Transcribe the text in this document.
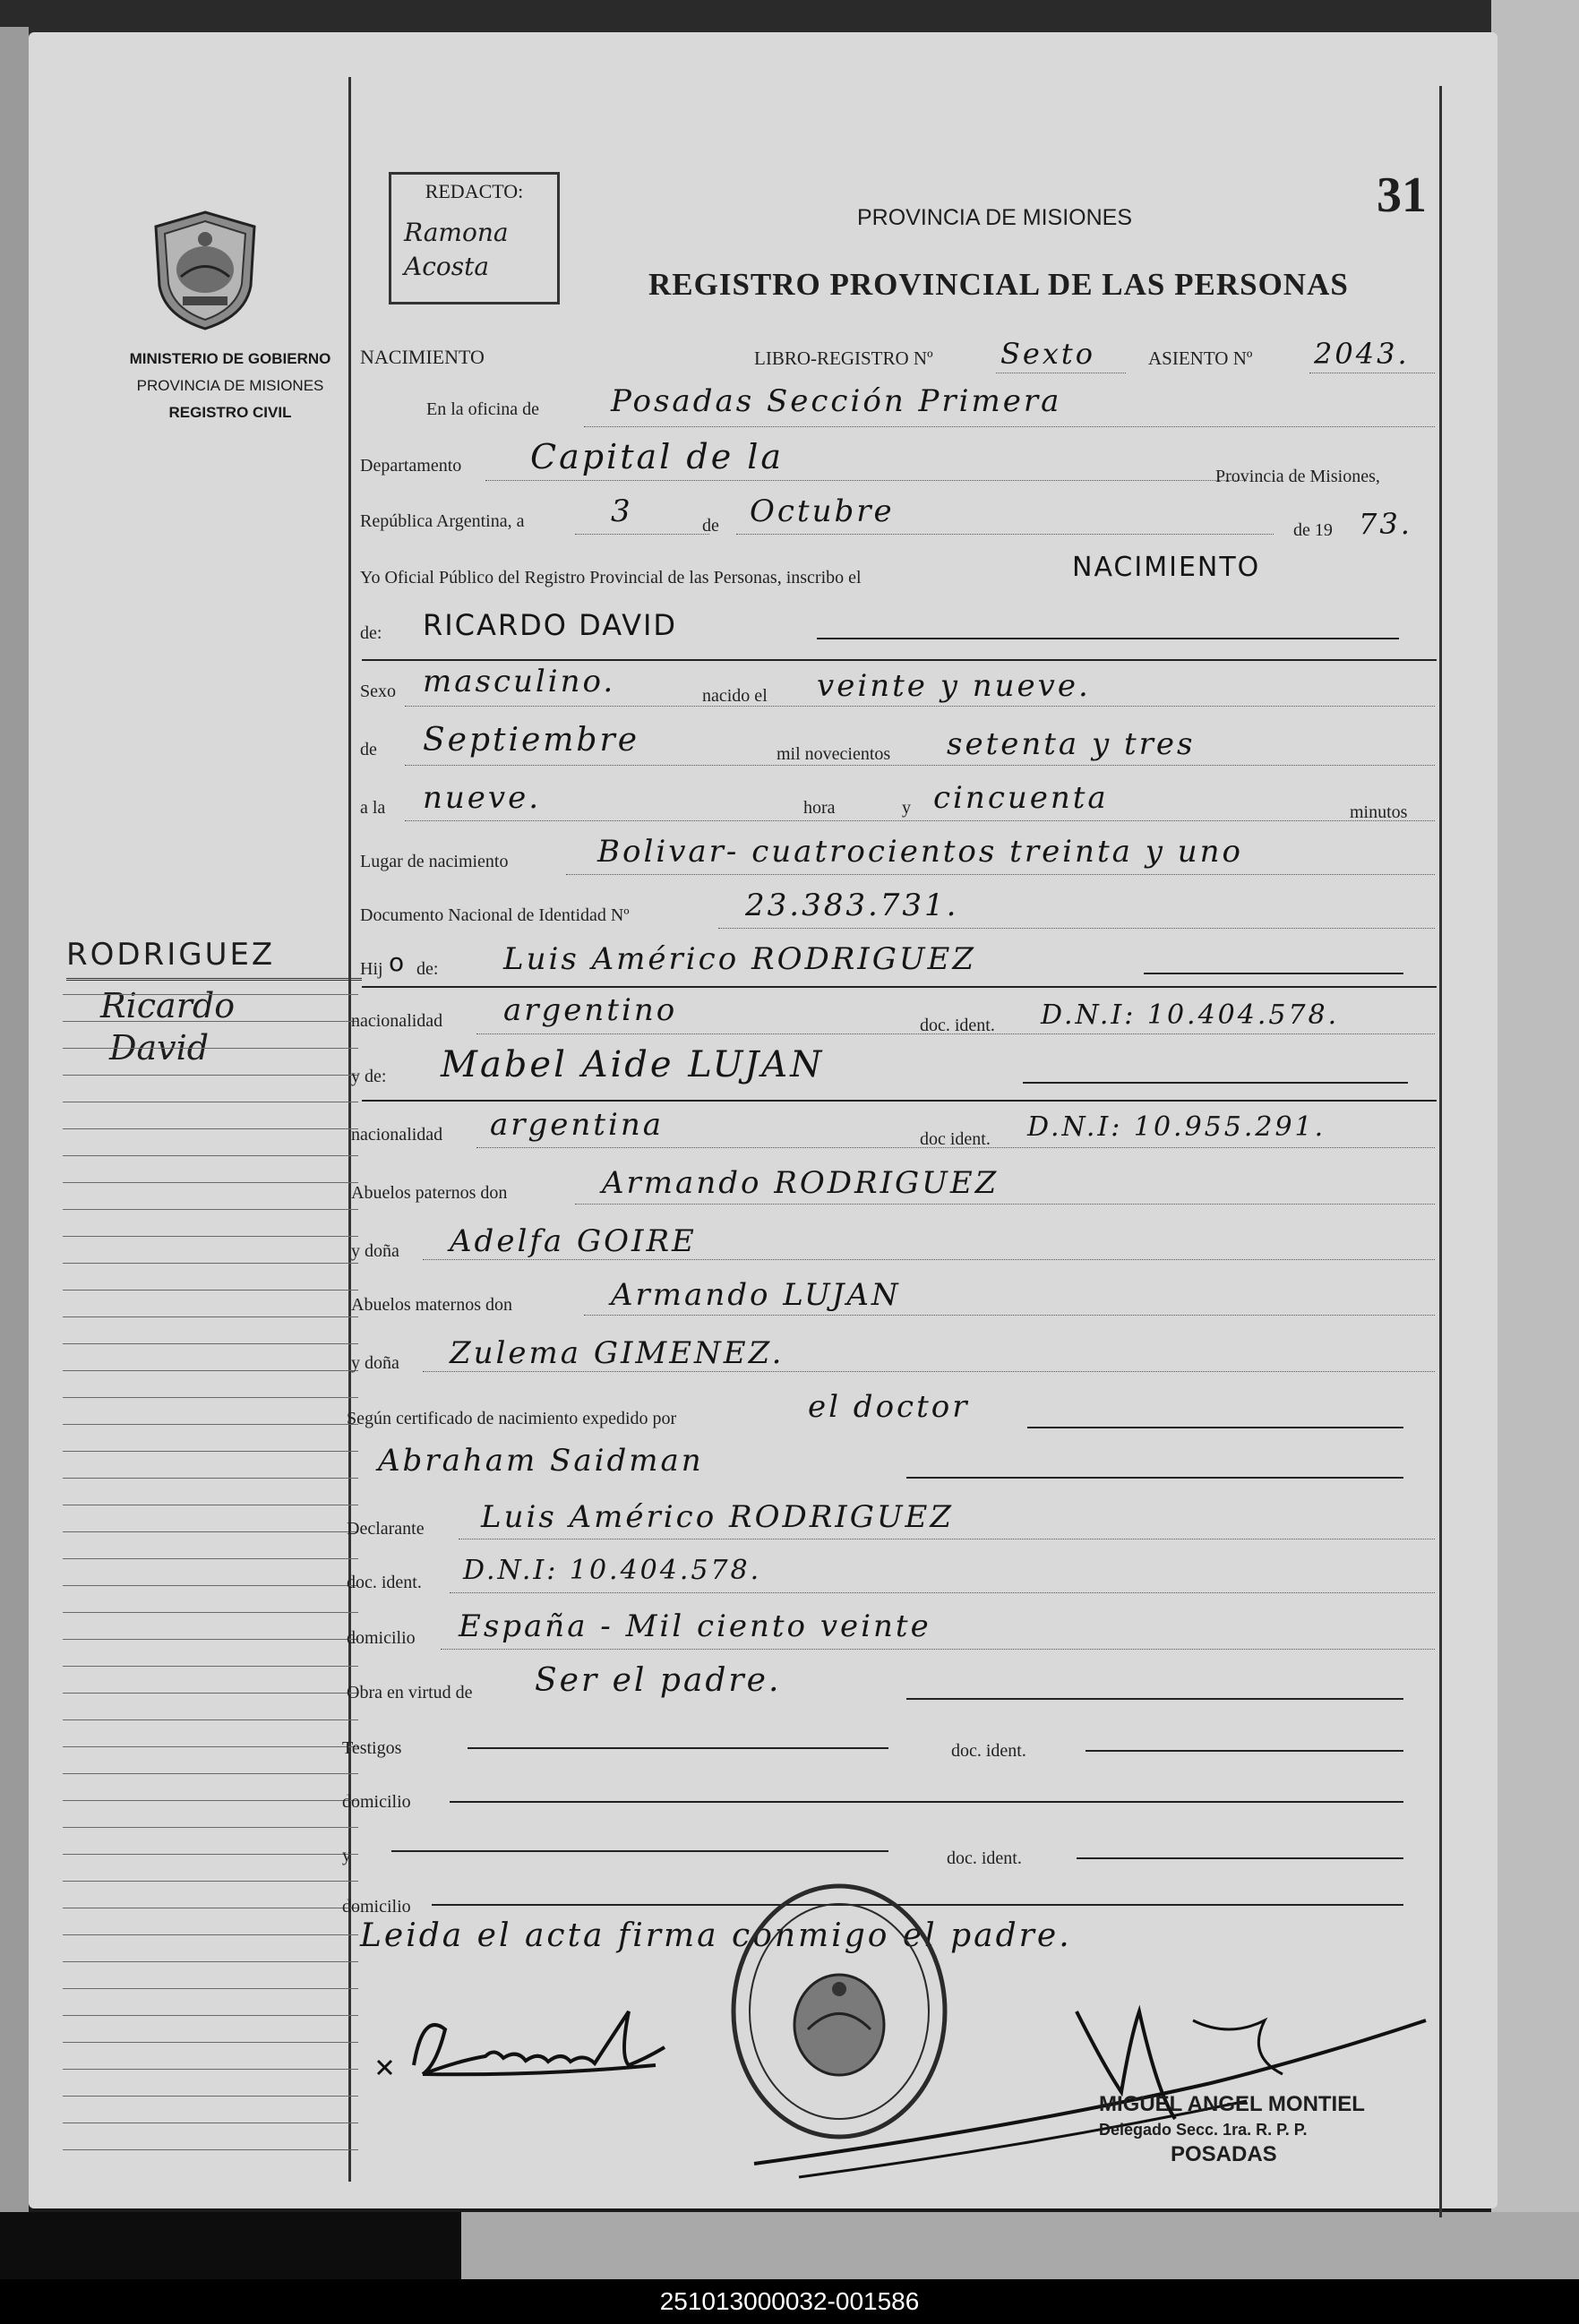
MINISTERIO DE GOBIERNO
PROVINCIA DE MISIONES
REGISTRO CIVIL
RODRIGUEZ
Ricardo
David
REDACTO:
Ramona
Acosta
31
PROVINCIA DE MISIONES
REGISTRO PROVINCIAL DE LAS PERSONAS
NACIMIENTO	LIBRO-REGISTRO Nº Sexto	ASIENTO Nº 2043.
En la oficina de Posadas Sección Primera
Departamento Capital de la	Provincia de Misiones,
República Argentina, a	3	de Octubre
de 19 73.
Yo Oficial Público del Registro Provincial de las Personas, inscribo el	NACIMIENTO
de: RICARDO DAVID
Sexo masculino.	nacido el veinte y nueve.
de Septiembre	mil novecientos setenta y tres
a la nueve.	hora	y cincuenta	minutos
Lugar de nacimiento	Bolivar- cuatrocientos treinta y uno
Documento Nacional de Identidad Nº	23.383.731.
Hij o de: Luis Américo RODRIGUEZ
nacionalidad argentino	doc. ident. D.N.I: 10.404.578.
y de: Mabel Aide LUJAN
nacionalidad argentina	doc ident. D.N.I: 10.955.291.
Abuelos paternos don	Armando RODRIGUEZ
y doña Adelfa GOIRE
Abuelos maternos don	Armando LUJAN
y doña Zulema GIMENEZ.
Según certificado de nacimiento expedido por	el doctor
Abraham Saidman
Declarante Luis Américo RODRIGUEZ
doc. ident. D.N.I: 10.404.578.
domicilio España - Mil ciento veinte
Obra en virtud de Ser el padre.
Testigos	doc. ident.
domicilio
y	doc. ident.
domicilio
Leida el acta firma conmigo el padre.
MIGUEL ANGEL MONTIEL
Delegado Secc. 1ra. R. P. P.
POSADAS
251013000032-001586
